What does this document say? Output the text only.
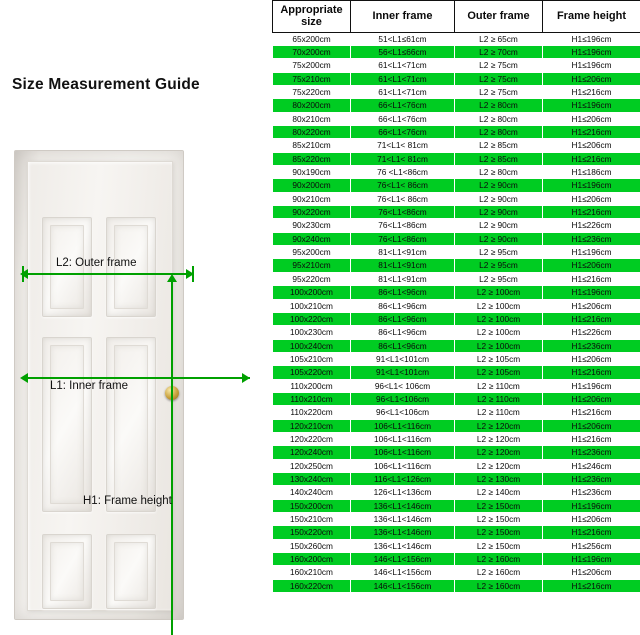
Size Measurement Guide
L2: Outer frame
L1: Inner frame
H1: Frame height
Appropriate size	Inner frame	Outer frame	Frame height
65x200cm	51<L1≤61cm	L2 ≥ 65cm	H1≤196cm
70x200cm	56<L1≤66cm	L2 ≥ 70cm	H1≤196cm
75x200cm	61<L1<71cm	L2 ≥ 75cm	H1≤196cm
75x210cm	61<L1<71cm	L2 ≥ 75cm	H1≤206cm
75x220cm	61<L1<71cm	L2 ≥ 75cm	H1≤216cm
80x200cm	66<L1<76cm	L2 ≥ 80cm	H1≤196cm
80x210cm	66<L1<76cm	L2 ≥ 80cm	H1≤206cm
80x220cm	66<L1<76cm	L2 ≥ 80cm	H1≤216cm
85x210cm	71<L1< 81cm	L2 ≥ 85cm	H1≤206cm
85x220cm	71<L1< 81cm	L2 ≥ 85cm	H1≤216cm
90x190cm	76 <L1<86cm	L2 ≥ 80cm	H1≤186cm
90x200cm	76<L1< 86cm	L2 ≥ 90cm	H1≤196cm
90x210cm	76<L1< 86cm	L2 ≥ 90cm	H1≤206cm
90x220cm	76<L1<86cm	L2 ≥ 90cm	H1≤216cm
90x230cm	76<L1<86cm	L2 ≥ 90cm	H1≤226cm
90x240cm	76<L1<86cm	L2 ≥ 90cm	H1≤236cm
95x200cm	81<L1<91cm	L2 ≥ 95cm	H1≤196cm
95x210cm	81<L1<91cm	L2 ≥ 95cm	H1≤206cm
95x220cm	81<L1<91cm	L2 ≥ 95cm	H1≤216cm
100x200cm	86<L1<96cm	L2 ≥ 100cm	H1≤196cm
100x210cm	86<L1<96cm	L2 ≥ 100cm	H1≤206cm
100x220cm	86<L1<96cm	L2 ≥ 100cm	H1≤216cm
100x230cm	86<L1<96cm	L2 ≥ 100cm	H1≤226cm
100x240cm	86<L1<96cm	L2 ≥ 100cm	H1≤236cm
105x210cm	91<L1<101cm	L2 ≥ 105cm	H1≤206cm
105x220cm	91<L1<101cm	L2 ≥ 105cm	H1≤216cm
110x200cm	96<L1< 106cm	L2 ≥ 110cm	H1≤196cm
110x210cm	96<L1<106cm	L2 ≥ 110cm	H1≤206cm
110x220cm	96<L1<106cm	L2 ≥ 110cm	H1≤216cm
120x210cm	106<L1<116cm	L2 ≥ 120cm	H1≤206cm
120x220cm	106<L1<116cm	L2 ≥ 120cm	H1≤216cm
120x240cm	106<L1<116cm	L2 ≥ 120cm	H1≤236cm
120x250cm	106<L1<116cm	L2 ≥ 120cm	H1≤246cm
130x240cm	116<L1<126cm	L2 ≥ 130cm	H1≤236cm
140x240cm	126<L1<136cm	L2 ≥ 140cm	H1≤236cm
150x200cm	136<L1<146cm	L2 ≥ 150cm	H1≤196cm
150x210cm	136<L1<146cm	L2 ≥ 150cm	H1≤206cm
150x220cm	136<L1<146cm	L2 ≥ 150cm	H1≤216cm
150x260cm	136<L1<146cm	L2 ≥ 150cm	H1≤256cm
160x200cm	146<L1<156cm	L2 ≥ 160cm	H1≤196cm
160x210cm	146<L1<156cm	L2 ≥ 160cm	H1≤206cm
160x220cm	146<L1<156cm	L2 ≥ 160cm	H1≤216cm
